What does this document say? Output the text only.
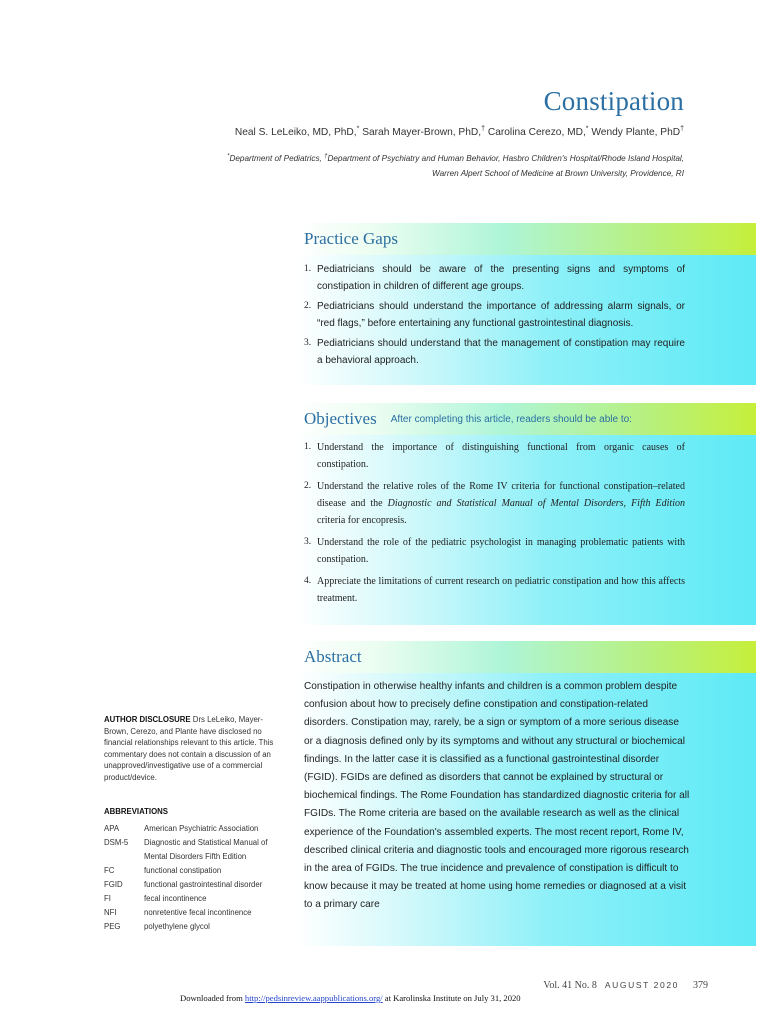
Constipation
Neal S. LeLeiko, MD, PhD,* Sarah Mayer-Brown, PhD,† Carolina Cerezo, MD,* Wendy Plante, PhD†
*Department of Pediatrics, †Department of Psychiatry and Human Behavior, Hasbro Children's Hospital/Rhode Island Hospital,
Warren Alpert School of Medicine at Brown University, Providence, RI
Practice Gaps
1. Pediatricians should be aware of the presenting signs and symptoms of constipation in children of different age groups.
2. Pediatricians should understand the importance of addressing alarm signals, or “red flags,” before entertaining any functional gastrointestinal diagnosis.
3. Pediatricians should understand that the management of constipation may require a behavioral approach.
Objectives After completing this article, readers should be able to:
1. Understand the importance of distinguishing functional from organic causes of constipation.
2. Understand the relative roles of the Rome IV criteria for functional constipation–related disease and the Diagnostic and Statistical Manual of Mental Disorders, Fifth Edition criteria for encopresis.
3. Understand the role of the pediatric psychologist in managing problematic patients with constipation.
4. Appreciate the limitations of current research on pediatric constipation and how this affects treatment.
Abstract
Constipation in otherwise healthy infants and children is a common problem despite confusion about how to precisely define constipation and constipation-related disorders. Constipation may, rarely, be a sign or symptom of a more serious disease or a diagnosis defined only by its symptoms and without any structural or biochemical findings. In the latter case it is classified as a functional gastrointestinal disorder (FGID). FGIDs are defined as disorders that cannot be explained by structural or biochemical findings. The Rome Foundation has standardized diagnostic criteria for all FGIDs. The Rome criteria are based on the available research as well as the clinical experience of the Foundation's assembled experts. The most recent report, Rome IV, described clinical criteria and diagnostic tools and encouraged more rigorous research in the area of FGIDs. The true incidence and prevalence of constipation is difficult to know because it may be treated at home using home remedies or diagnosed at a visit to a primary care
AUTHOR DISCLOSURE Drs LeLeiko, Mayer-Brown, Cerezo, and Plante have disclosed no financial relationships relevant to this article. This commentary does not contain a discussion of an unapproved/investigative use of a commercial product/device.
ABBREVIATIONS
APA	American Psychiatric Association
DSM-5	Diagnostic and Statistical Manual of Mental Disorders Fifth Edition
FC	functional constipation
FGID	functional gastrointestinal disorder
FI	fecal incontinence
NFI	nonretentive fecal incontinence
PEG	polyethylene glycol
Vol. 41 No. 8 AUGUST 2020 379
Downloaded from http://pedsinreview.aappublications.org/ at Karolinska Institute on July 31, 2020
